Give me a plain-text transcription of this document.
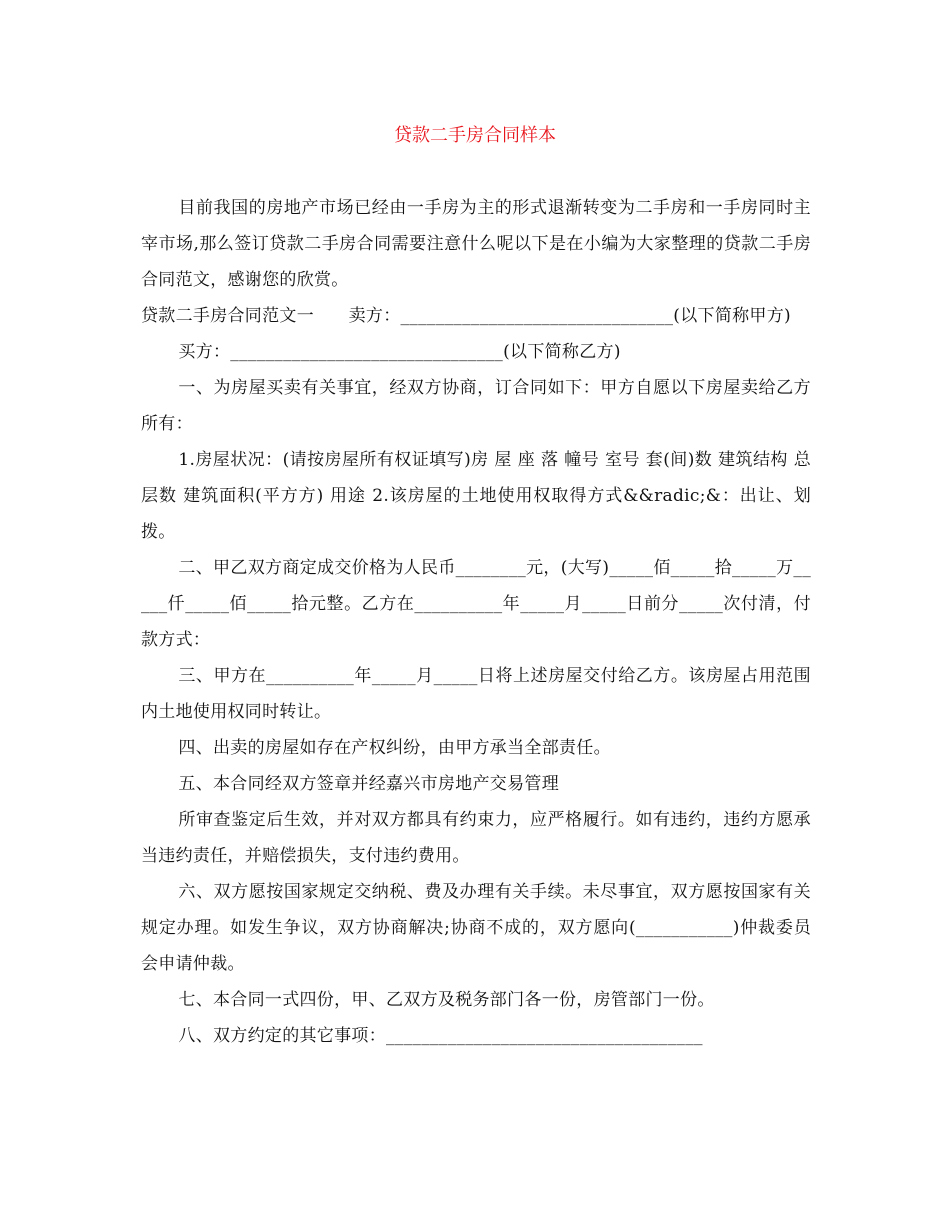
贷款二手房合同样本

目前我国的房地产市场已经由一手房为主的形式退渐转变为二手房和一手房同时主宰市场,那么签订贷款二手房合同需要注意什么呢以下是在小编为大家整理的贷款二手房合同范文，感谢您的欣赏。

贷款二手房合同范文一　　卖方：_______________________________(以下简称甲方)

买方：_______________________________(以下简称乙方)

一、为房屋买卖有关事宜，经双方协商，订合同如下：甲方自愿以下房屋卖给乙方所有：

1.房屋状况：(请按房屋所有权证填写)房 屋 座 落 幢号 室号 套(间)数 建筑结构 总层数 建筑面积(平方方) 用途 2.该房屋的土地使用权取得方式&&radic;&：出让、划拨。

二、甲乙双方商定成交价格为人民币________元，(大写)_____佰_____拾_____万_____仟_____佰_____拾元整。乙方在__________年_____月_____日前分_____次付清，付款方式：

三、甲方在__________年_____月_____日将上述房屋交付给乙方。该房屋占用范围内土地使用权同时转让。

四、出卖的房屋如存在产权纠纷，由甲方承当全部责任。

五、本合同经双方签章并经嘉兴市房地产交易管理

所审查鉴定后生效，并对双方都具有约束力，应严格履行。如有违约，违约方愿承当违约责任，并赔偿损失，支付违约费用。

六、双方愿按国家规定交纳税、费及办理有关手续。未尽事宜，双方愿按国家有关规定办理。如发生争议，双方协商解决;协商不成的，双方愿向(___________)仲裁委员会申请仲裁。

七、本合同一式四份，甲、乙双方及税务部门各一份，房管部门一份。

八、双方约定的其它事项：____________________________________
